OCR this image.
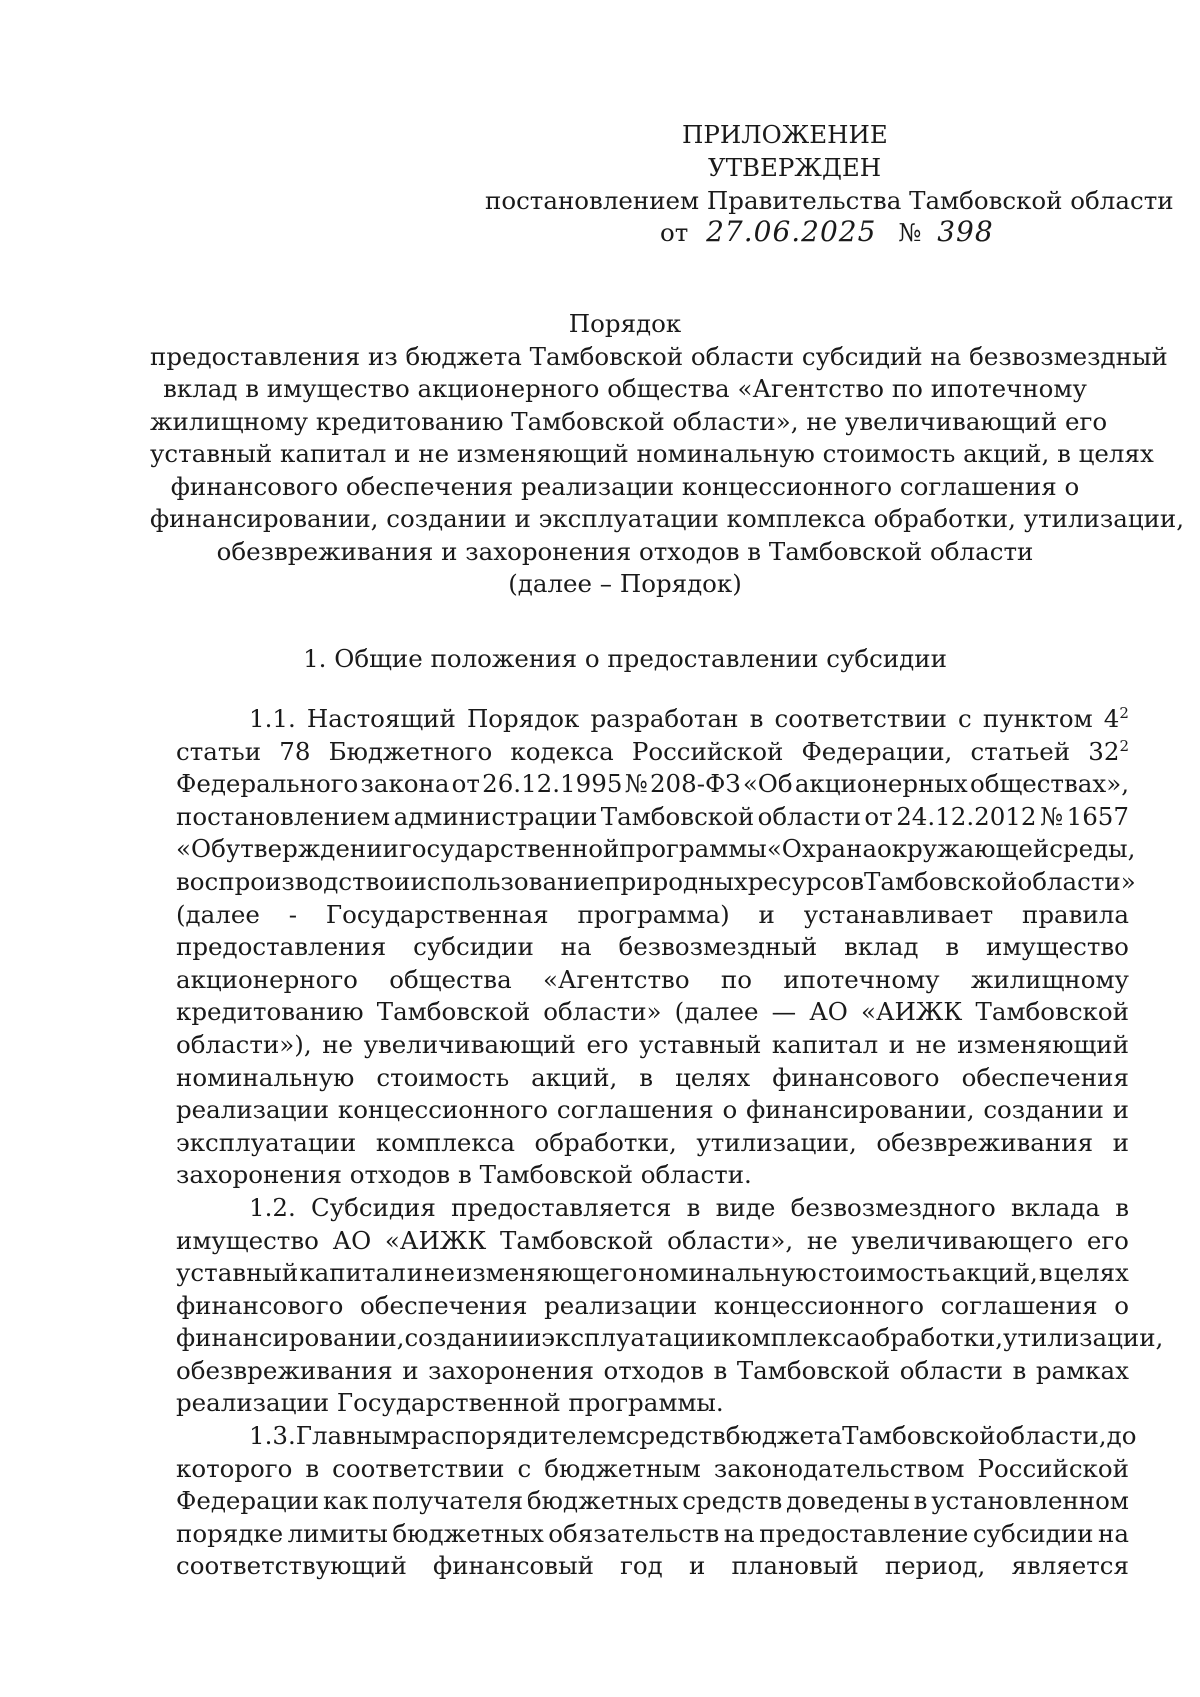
ПРИЛОЖЕНИЕ
УТВЕРЖДЕН
постановлением Правительства Тамбовской области
от 27.06.2025 № 398
Порядок
предоставления из бюджета Тамбовской области субсидий на безвозмездный
вклад в имущество акционерного общества «Агентство по ипотечному
жилищному кредитованию Тамбовской области», не увеличивающий его
уставный капитал и не изменяющий номинальную стоимость акций, в целях
финансового обеспечения реализации концессионного соглашения о
финансировании, создании и эксплуатации комплекса обработки, утилизации,
обезвреживания и захоронения отходов в Тамбовской области
(далее – Порядок)
1. Общие положения о предоставлении субсидии
1.1. Настоящий Порядок разработан в соответствии с пунктом $4^2$
статьи 78 Бюджетного кодекса Российской Федерации, статьей $32^2$
Федерального закона от 26.12.1995 № 208-ФЗ «Об акционерных обществах»,
постановлением администрации Тамбовской области от 24.12.2012 № 1657
«Об утверждении государственной программы «Охрана окружающей среды,
воспроизводство и использование природных ресурсов Тамбовской области»
(далее - Государственная программа) и устанавливает правила
предоставления субсидии на безвозмездный вклад в имущество
акционерного общества «Агентство по ипотечному жилищному
кредитованию Тамбовской области» (далее — АО «АИЖК Тамбовской
области»), не увеличивающий его уставный капитал и не изменяющий
номинальную стоимость акций, в целях финансового обеспечения
реализации концессионного соглашения о финансировании, создании и
эксплуатации комплекса обработки, утилизации, обезвреживания и
захоронения отходов в Тамбовской области.
1.2. Субсидия предоставляется в виде безвозмездного вклада в
имущество АО «АИЖК Тамбовской области», не увеличивающего его
уставный капитал и не изменяющего номинальную стоимость акций, в целях
финансового обеспечения реализации концессионного соглашения о
финансировании, создании и эксплуатации комплекса обработки, утилизации,
обезвреживания и захоронения отходов в Тамбовской области в рамках
реализации Государственной программы.
1.3. Главным распорядителем средств бюджета Тамбовской области, до
которого в соответствии с бюджетным законодательством Российской
Федерации как получателя бюджетных средств доведены в установленном
порядке лимиты бюджетных обязательств на предоставление субсидии на
соответствующий финансовый год и плановый период, является
